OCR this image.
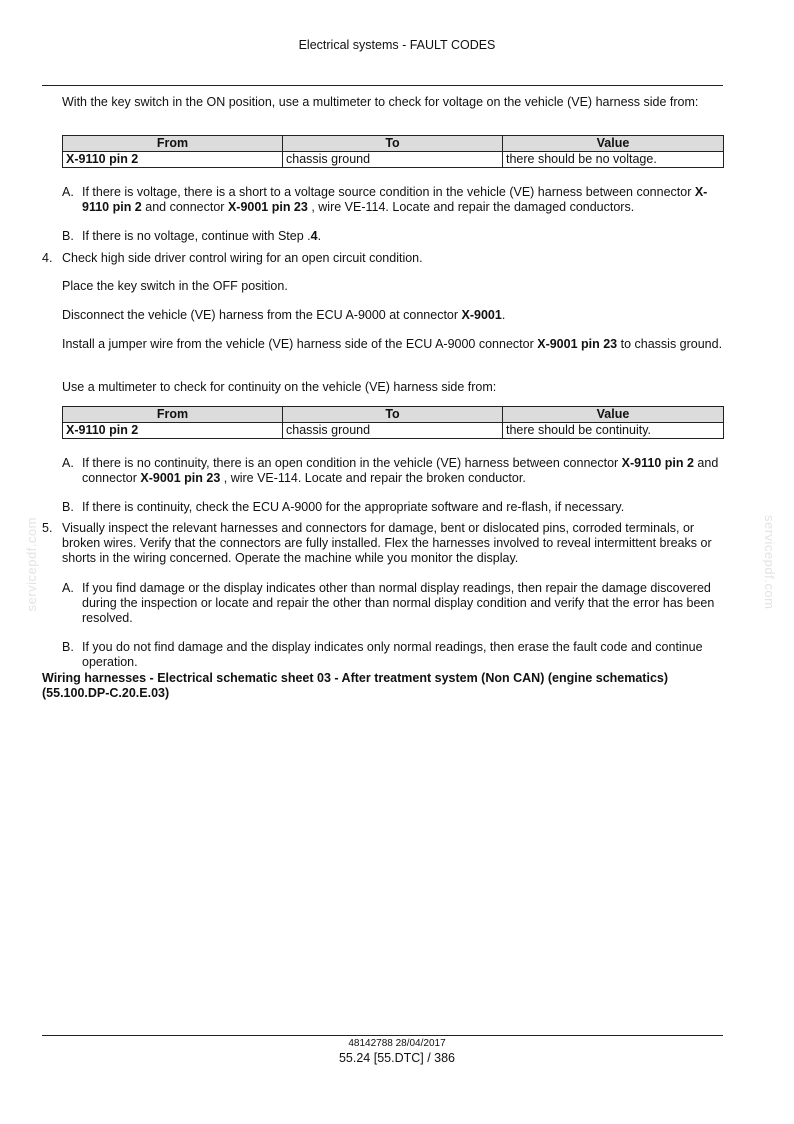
Electrical systems - FAULT CODES

With the key switch in the ON position, use a multimeter to check for voltage on the vehicle (VE) harness side from:

From	To	Value
X-9110 pin 2	chassis ground	there should be no voltage.
A. If there is voltage, there is a short to a voltage source condition in the vehicle (VE) harness between connector X-9110 pin 2 and connector X-9001 pin 23 , wire VE-114. Locate and repair the damaged conductors.
B. If there is no voltage, continue with Step .4.
4. Check high side driver control wiring for an open circuit condition.

Place the key switch in the OFF position.

Disconnect the vehicle (VE) harness from the ECU A-9000 at connector X-9001.

Install a jumper wire from the vehicle (VE) harness side of the ECU A-9000 connector X-9001 pin 23 to chassis ground.

Use a multimeter to check for continuity on the vehicle (VE) harness side from:

From	To	Value
X-9110 pin 2	chassis ground	there should be continuity.
A. If there is no continuity, there is an open condition in the vehicle (VE) harness between connector X-9110 pin 2 and connector X-9001 pin 23 , wire VE-114. Locate and repair the broken conductor.
B. If there is continuity, check the ECU A-9000 for the appropriate software and re-flash, if necessary.
5. Visually inspect the relevant harnesses and connectors for damage, bent or dislocated pins, corroded terminals, or broken wires. Verify that the connectors are fully installed. Flex the harnesses involved to reveal intermittent breaks or shorts in the wiring concerned. Operate the machine while you monitor the display.
A. If you find damage or the display indicates other than normal display readings, then repair the damage discovered during the inspection or locate and repair the other than normal display condition and verify that the error has been resolved.
B. If you do not find damage and the display indicates only normal readings, then erase the fault code and continue operation.
Wiring harnesses - Electrical schematic sheet 03 - After treatment system (Non CAN) (engine schematics) (55.100.DP-C.20.E.03)
servicepdf.com	servicepdf.com
48142788 28/04/2017
55.24 [55.DTC] / 386
